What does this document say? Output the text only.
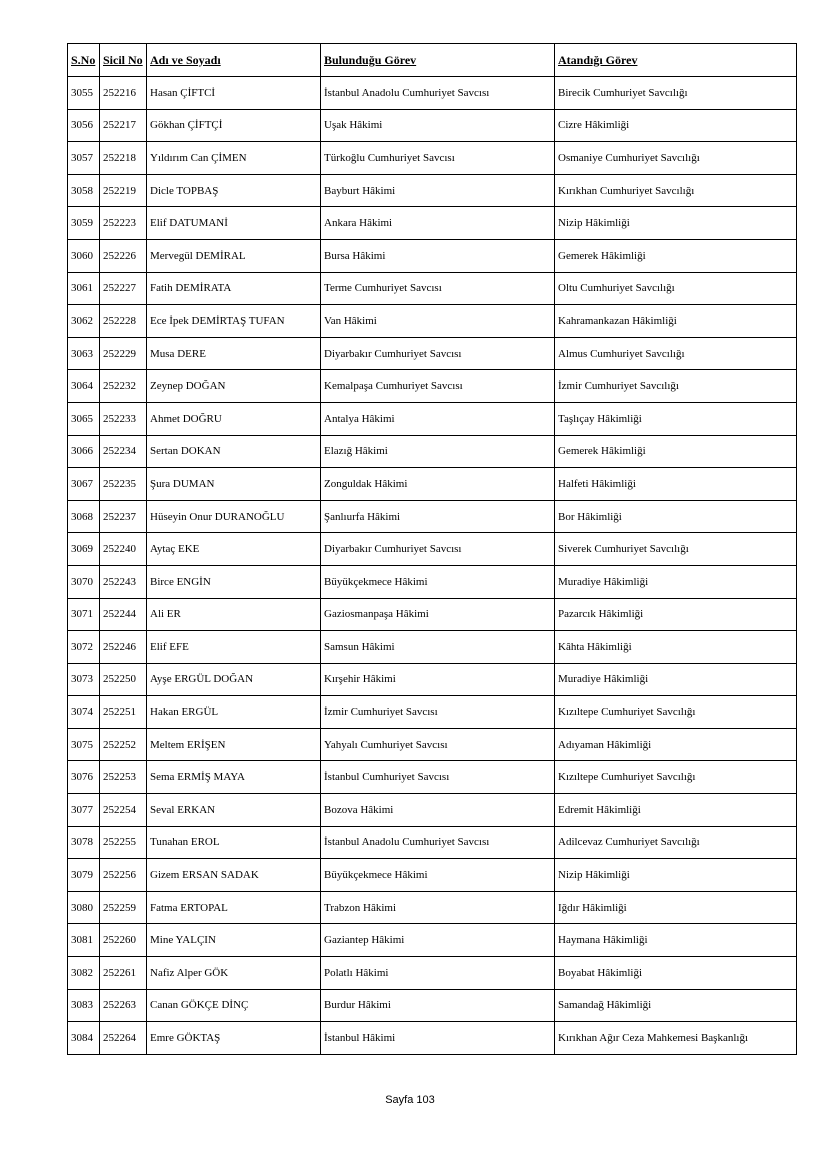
S.No	Sicil No	Adı ve Soyadı	Bulunduğu Görev	Atandığı Görev
3055	252216	Hasan ÇİFTCİ	İstanbul Anadolu Cumhuriyet Savcısı	Birecik Cumhuriyet Savcılığı
3056	252217	Gökhan ÇİFTÇİ	Uşak Hâkimi	Cizre Hâkimliği
3057	252218	Yıldırım Can ÇİMEN	Türkoğlu Cumhuriyet Savcısı	Osmaniye Cumhuriyet Savcılığı
3058	252219	Dicle TOPBAŞ	Bayburt Hâkimi	Kırıkhan Cumhuriyet Savcılığı
3059	252223	Elif DATUMANİ	Ankara Hâkimi	Nizip Hâkimliği
3060	252226	Mervegül DEMİRAL	Bursa Hâkimi	Gemerek Hâkimliği
3061	252227	Fatih DEMİRATA	Terme Cumhuriyet Savcısı	Oltu Cumhuriyet Savcılığı
3062	252228	Ece İpek DEMİRTAŞ TUFAN	Van Hâkimi	Kahramankazan Hâkimliği
3063	252229	Musa DERE	Diyarbakır Cumhuriyet Savcısı	Almus Cumhuriyet Savcılığı
3064	252232	Zeynep DOĞAN	Kemalpaşa Cumhuriyet Savcısı	İzmir Cumhuriyet Savcılığı
3065	252233	Ahmet DOĞRU	Antalya Hâkimi	Taşlıçay Hâkimliği
3066	252234	Sertan DOKAN	Elazığ Hâkimi	Gemerek Hâkimliği
3067	252235	Şura DUMAN	Zonguldak Hâkimi	Halfeti Hâkimliği
3068	252237	Hüseyin Onur DURANOĞLU	Şanlıurfa Hâkimi	Bor Hâkimliği
3069	252240	Aytaç EKE	Diyarbakır Cumhuriyet Savcısı	Siverek Cumhuriyet Savcılığı
3070	252243	Birce ENGİN	Büyükçekmece Hâkimi	Muradiye Hâkimliği
3071	252244	Ali ER	Gaziosmanpaşa Hâkimi	Pazarcık Hâkimliği
3072	252246	Elif EFE	Samsun Hâkimi	Kâhta Hâkimliği
3073	252250	Ayşe ERGÜL DOĞAN	Kırşehir Hâkimi	Muradiye Hâkimliği
3074	252251	Hakan ERGÜL	İzmir Cumhuriyet Savcısı	Kızıltepe Cumhuriyet Savcılığı
3075	252252	Meltem ERİŞEN	Yahyalı Cumhuriyet Savcısı	Adıyaman Hâkimliği
3076	252253	Sema ERMİŞ MAYA	İstanbul Cumhuriyet Savcısı	Kızıltepe Cumhuriyet Savcılığı
3077	252254	Seval ERKAN	Bozova Hâkimi	Edremit Hâkimliği
3078	252255	Tunahan EROL	İstanbul Anadolu Cumhuriyet Savcısı	Adilcevaz Cumhuriyet Savcılığı
3079	252256	Gizem ERSAN SADAK	Büyükçekmece Hâkimi	Nizip Hâkimliği
3080	252259	Fatma ERTOPAL	Trabzon Hâkimi	Iğdır Hâkimliği
3081	252260	Mine YALÇIN	Gaziantep Hâkimi	Haymana Hâkimliği
3082	252261	Nafiz Alper GÖK	Polatlı Hâkimi	Boyabat Hâkimliği
3083	252263	Canan GÖKÇE DİNÇ	Burdur Hâkimi	Samandağ Hâkimliği
3084	252264	Emre GÖKTAŞ	İstanbul Hâkimi	Kırıkhan Ağır Ceza Mahkemesi Başkanlığı
Sayfa 103
